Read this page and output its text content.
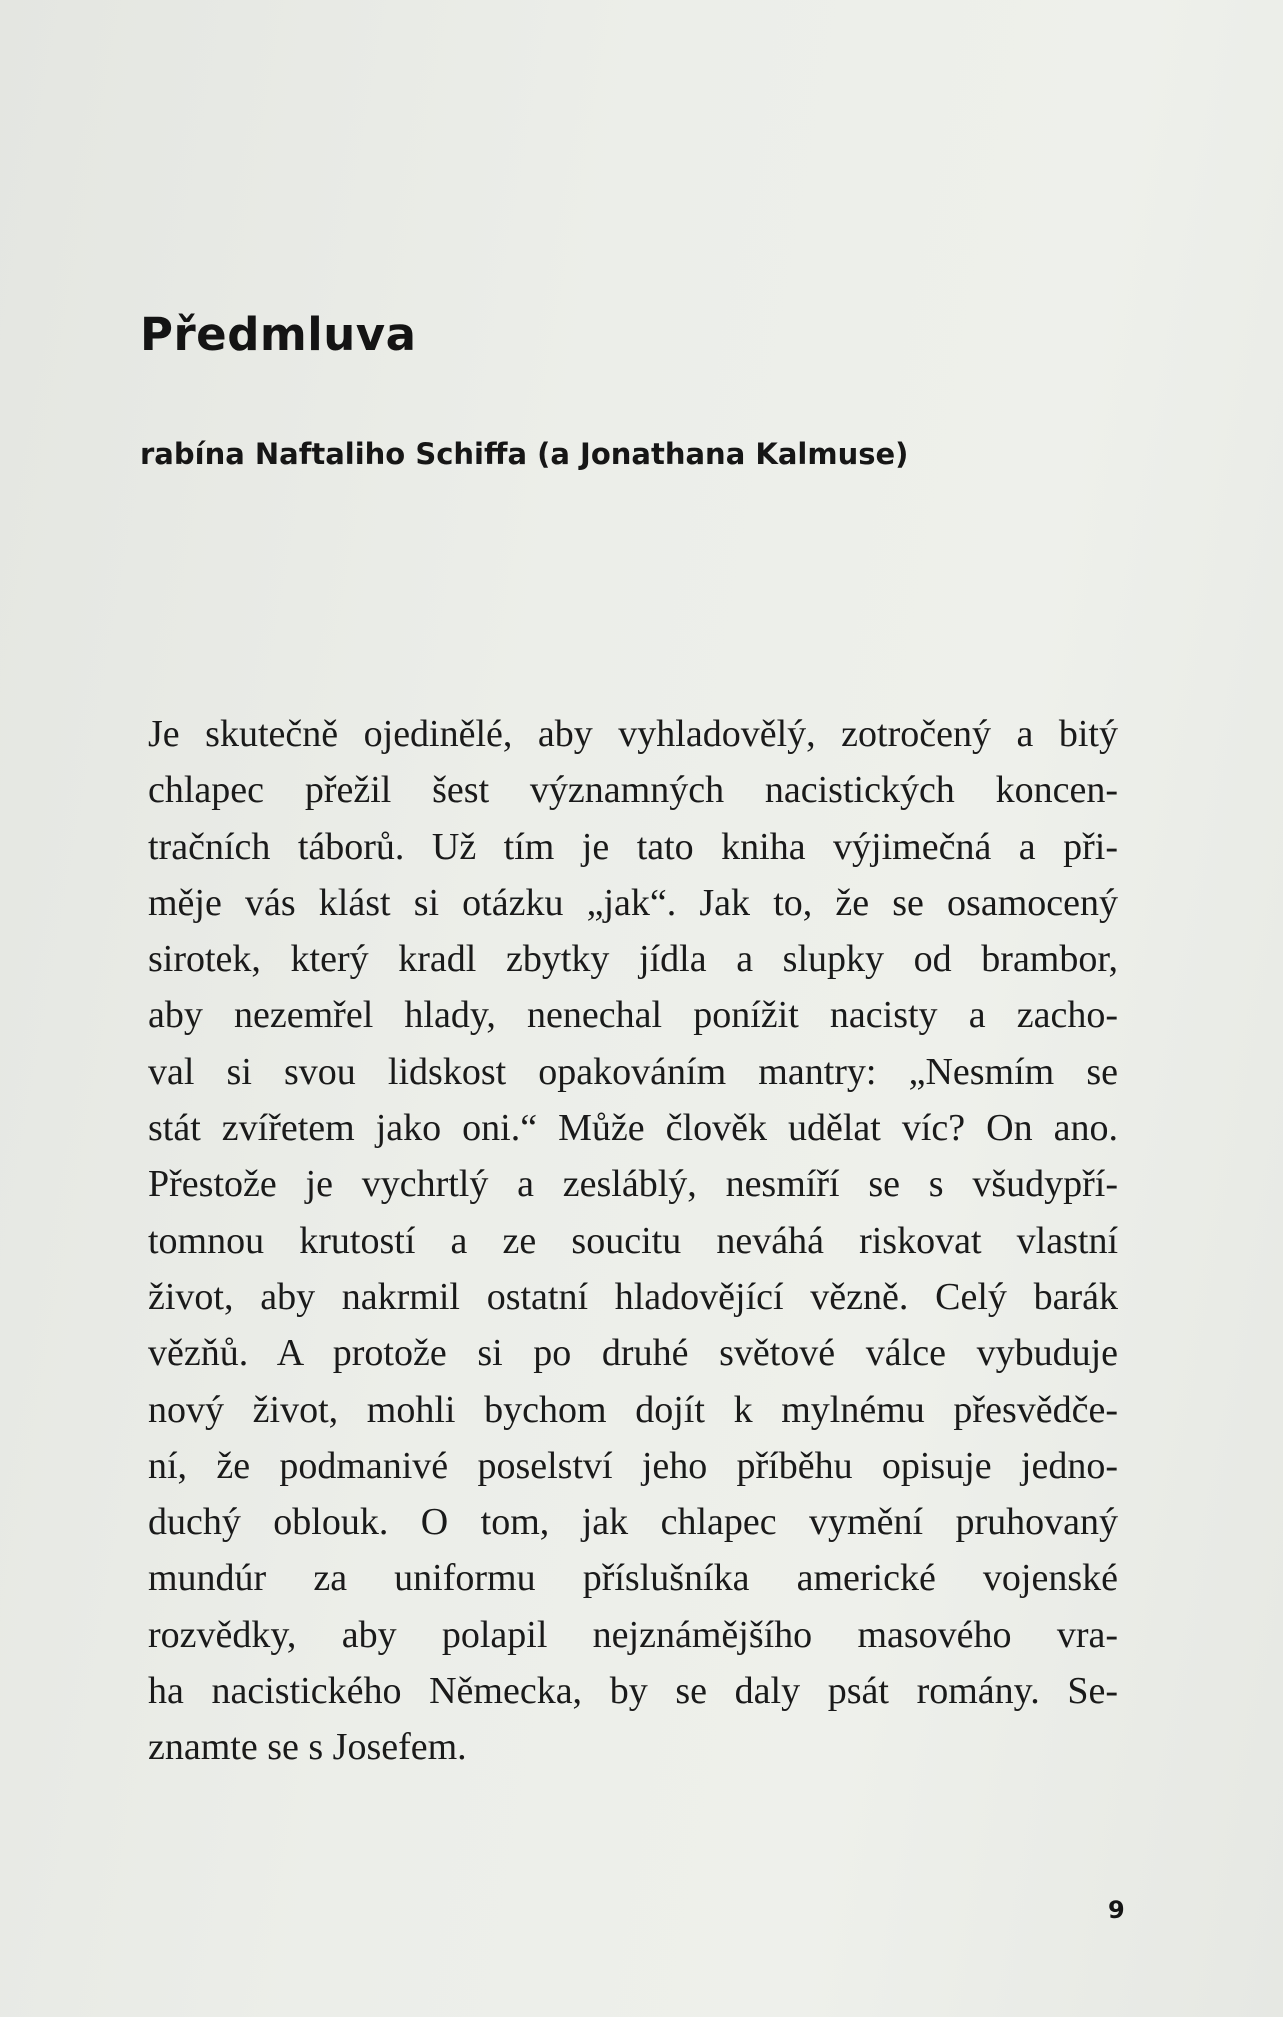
Předmluva
rabína Naftaliho Schiffa (a Jonathana Kalmuse)
Je skutečně ojedinělé, aby vyhladovělý, zotročený a bitý
chlapec přežil šest významných nacistických koncen-
tračních táborů. Už tím je tato kniha výjimečná a při-
měje vás klást si otázku „jak“. Jak to, že se osamocený
sirotek, který kradl zbytky jídla a slupky od brambor,
aby nezemřel hlady, nenechal ponížit nacisty a zacho-
val si svou lidskost opakováním mantry: „Nesmím se
stát zvířetem jako oni.“ Může člověk udělat víc? On ano.
Přestože je vychrtlý a zesláblý, nesmíří se s všudypří-
tomnou krutostí a ze soucitu neváhá riskovat vlastní
život, aby nakrmil ostatní hladovějící vězně. Celý barák
vězňů. A protože si po druhé světové válce vybuduje
nový život, mohli bychom dojít k mylnému přesvědče-
ní, že podmanivé poselství jeho příběhu opisuje jedno-
duchý oblouk. O tom, jak chlapec vymění pruhovaný
mundúr za uniformu příslušníka americké vojenské
rozvědky, aby polapil nejznámějšího masového vra-
ha nacistického Německa, by se daly psát romány. Se-
znamte se s Josefem.
9
